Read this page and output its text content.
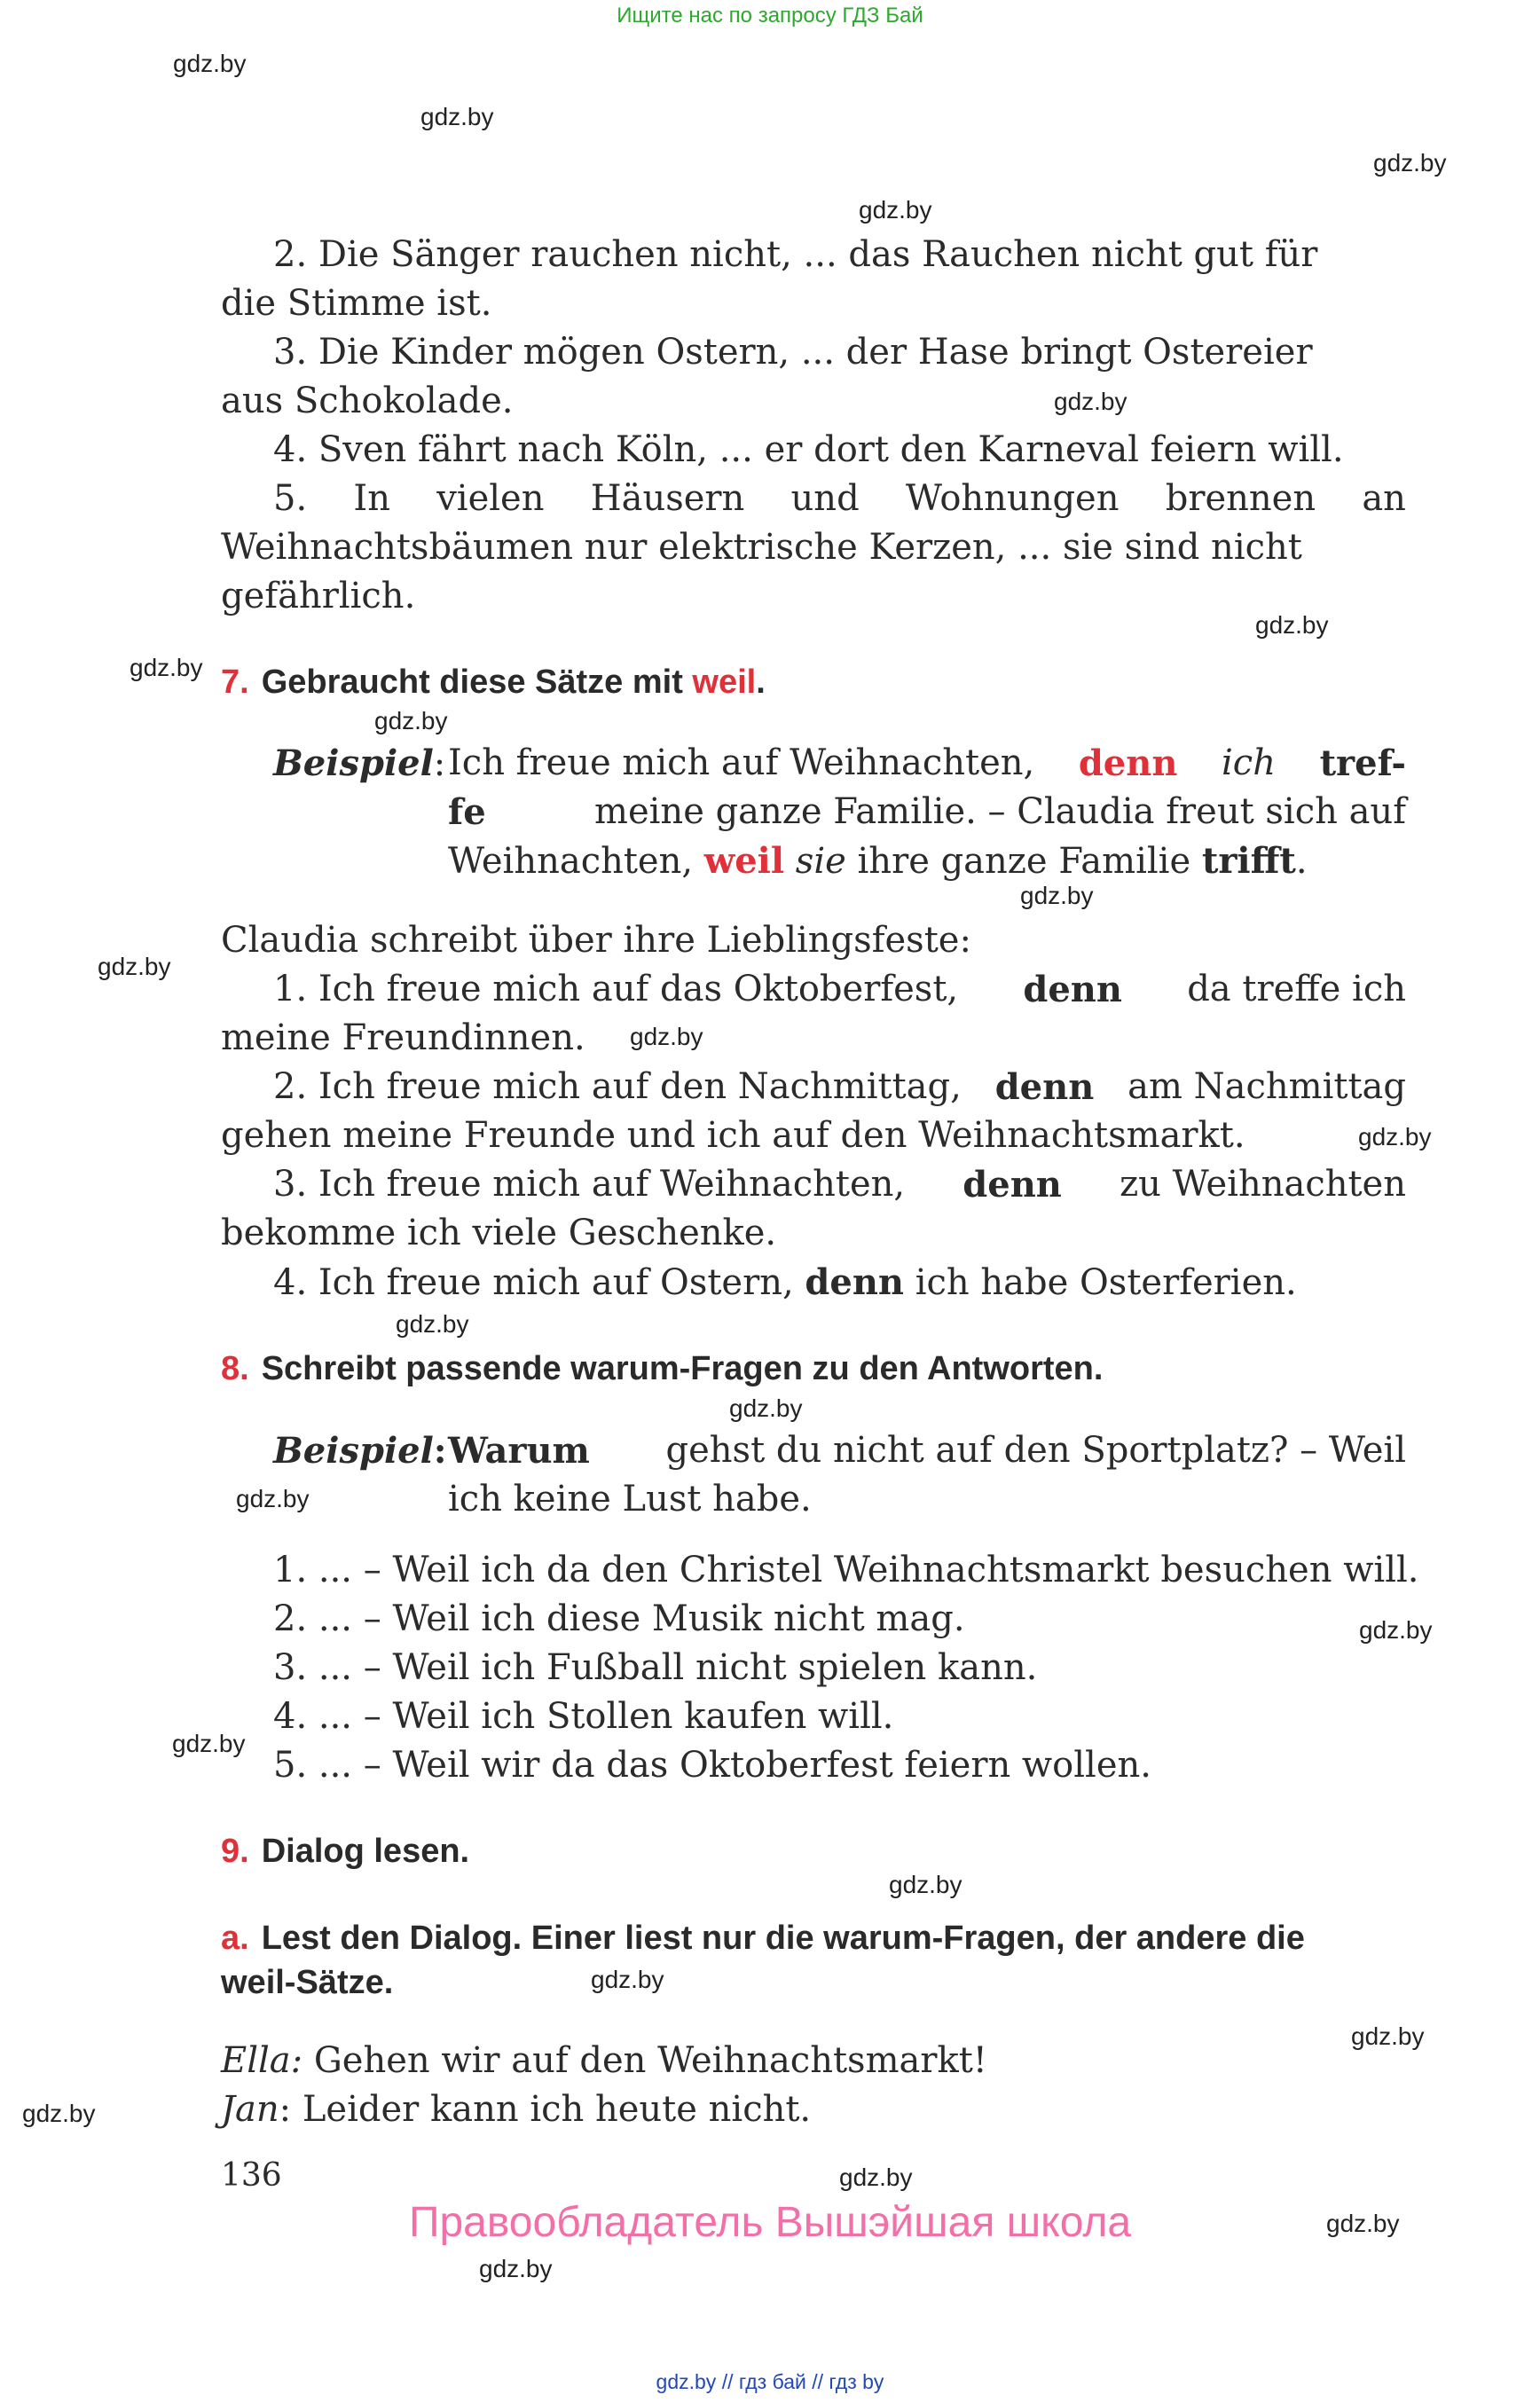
Ищите нас по запросу ГДЗ Бай
gdz.by
gdz.by
gdz.by
gdz.by
gdz.by
gdz.by
gdz.by
gdz.by
gdz.by
gdz.by
gdz.by
gdz.by
gdz.by
gdz.by
gdz.by
gdz.by
gdz.by
gdz.by
gdz.by
gdz.by
gdz.by
gdz.by
gdz.by
gdz.by
2. Die Sänger rauchen nicht, ... das Rauchen nicht gut für
die Stimme ist.
3. Die Kinder mögen Ostern, ... der Hase bringt Ostereier
aus Schokolade.
4. Sven fährt nach Köln, ... er dort den Karneval feiern will.
5. In vielen Häusern und Wohnungen brennen an
Weihnachtsbäumen nur elektrische Kerzen, ... sie sind nicht
gefährlich.
7. Gebraucht diese Sätze mit weil.
Beispiel: Ich freue mich auf Weihnachten, denn ich tref-
fe	meine ganze Familie. – Claudia freut sich auf
Weihnachten, weil sie ihre ganze Familie trifft.
Claudia schreibt über ihre Lieblingsfeste:
1. Ich freue mich auf das Oktoberfest, denn da treffe ich
meine Freundinnen.
2. Ich freue mich auf den Nachmittag, denn am Nachmittag
gehen meine Freunde und ich auf den Weihnachtsmarkt.
3. Ich freue mich auf Weihnachten, denn zu Weihnachten
bekomme ich viele Geschenke.
4. Ich freue mich auf Ostern, denn ich habe Osterferien.
8. Schreibt passende warum-Fragen zu den Antworten.
Beispiel: Warum gehst du nicht auf den Sportplatz? – Weil
ich keine Lust habe.
1. ... – Weil ich da den Christel Weihnachtsmarkt besuchen will.
2. ... – Weil ich diese Musik nicht mag.
3. ... – Weil ich Fußball nicht spielen kann.
4. ... – Weil ich Stollen kaufen will.
5. ... – Weil wir da das Oktoberfest feiern wollen.
9. Dialog lesen.
a. Lest den Dialog. Einer liest nur die warum-Fragen, der andere die
weil-Sätze.
Ella: Gehen wir auf den Weihnachtsmarkt!
Jan: Leider kann ich heute nicht.
136
Правообладатель Вышэйшая школа
gdz.by // гдз бай // гдз by
